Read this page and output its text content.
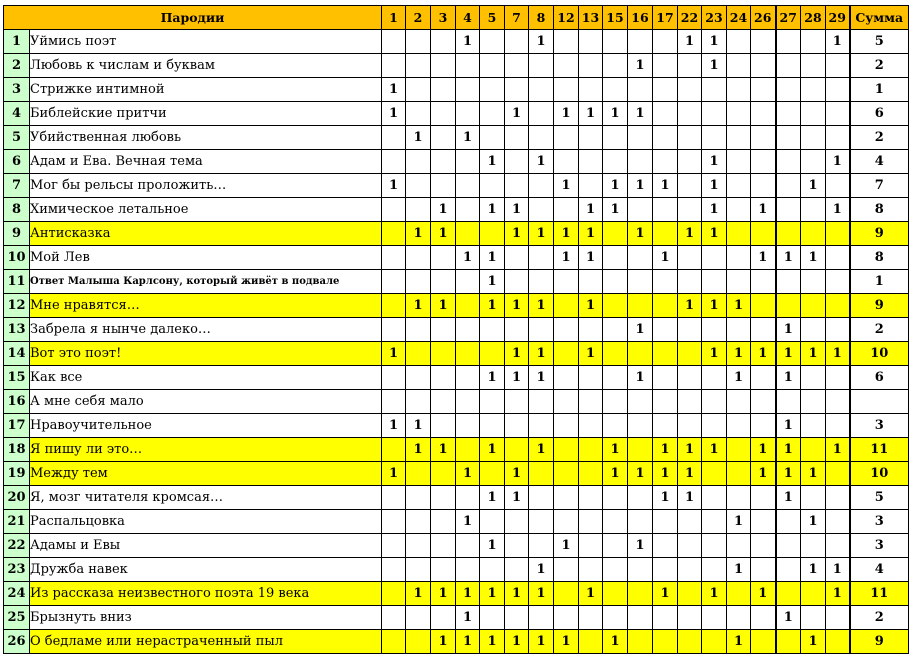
Пародии		1	2	3	4	5	7	8	12	13	15	16	17	22	23	24	26	27	28	29	Сумма
1	Уймись поэт				1			1						1	1					1	5
2	Любовь к числам и буквам											1			1						2
3	Стрижке интимной	1																			1
4	Библейские притчи	1					1		1	1	1	1									6
5	Убийственная любовь		1		1																2
6	Адам и Ева. Вечная тема					1		1							1					1	4
7	Мог бы рельсы проложить…	1							1		1	1	1		1				1		7
8	Химическое летальное			1		1	1			1	1				1		1			1	8
9	Антисказка		1	1			1	1	1	1		1		1	1						9
10	Мой Лев				1	1			1	1			1				1	1	1		8
11	Ответ Малыша Карлсону, который живёт в подвале					1															1
12	Мне нравятся…		1	1		1	1	1		1				1	1	1					9
13	Забрела я нынче далеко…											1						1			2
14	Вот это поэт!	1					1	1		1					1	1	1	1	1	1	10
15	Как все					1	1	1				1				1		1			6
16	А мне себя мало																				
17	Нравоучительное	1	1															1			3
18	Я пишу ли это…		1	1		1		1			1		1	1	1		1	1		1	11
19	Между тем	1			1		1				1	1	1	1			1	1	1		10
20	Я, мозг читателя кромсая…					1	1						1	1				1			5
21	Распальцовка				1											1			1		3
22	Адамы и Евы					1			1			1									3
23	Дружба навек							1								1			1	1	4
24	Из рассказа неизвестного поэта 19 века		1	1	1	1	1	1		1			1		1		1			1	11
25	Брызнуть вниз				1													1			2
26	О бедламе или нерастраченный пыл			1	1	1	1	1	1		1					1			1		9
